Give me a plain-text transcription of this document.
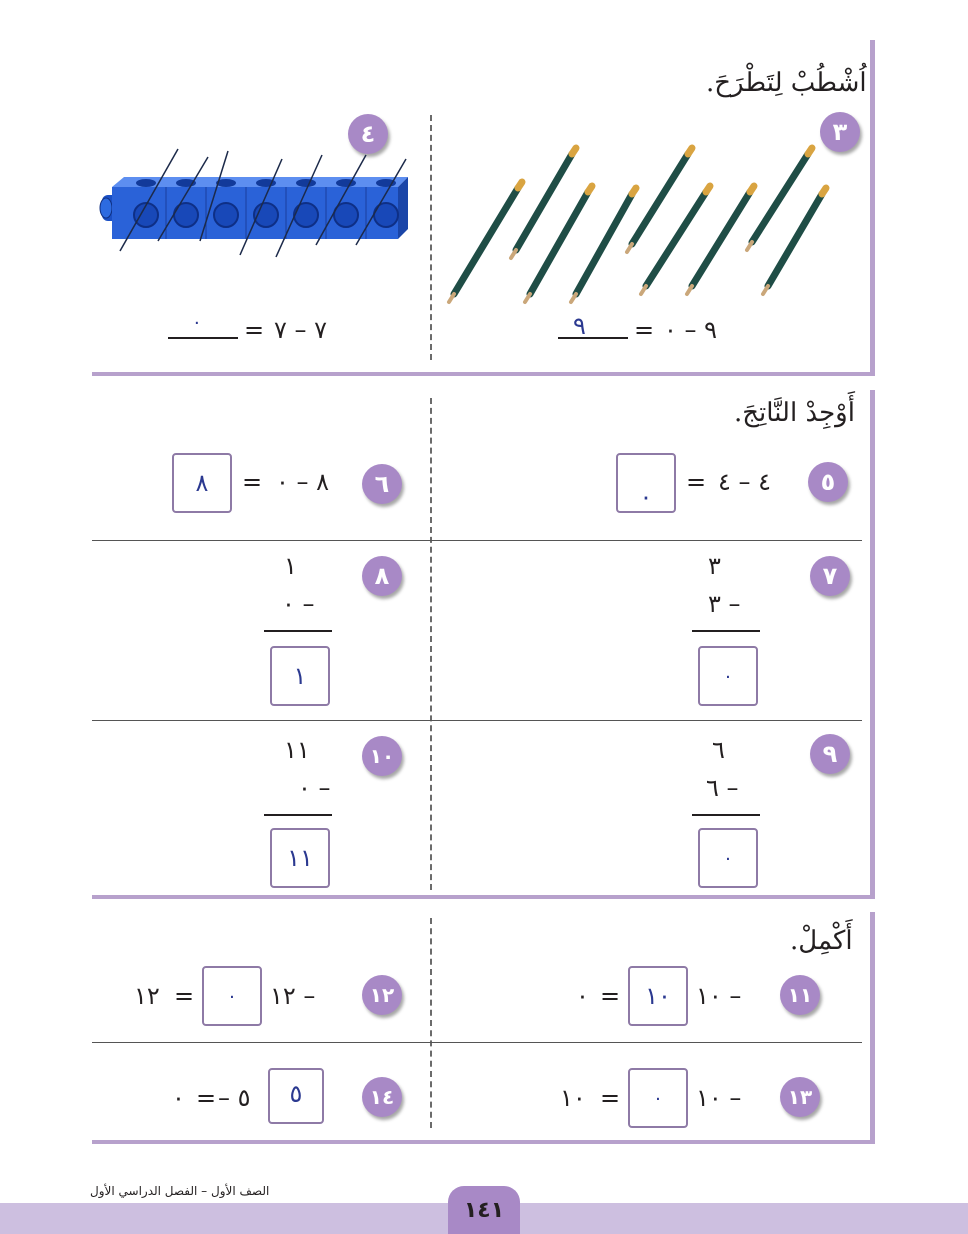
اُشْطُبْ لِتَطْرَحَ.
٣
٩ = ٩ – ٠
٤
٠ = ٧ – ٧
أَوْجِدْ النَّاتِجَ.
٥
٤ – ٤
=
٠
٦
٨ – ٠
=
٨
٧
٣
٣ –
٠
٨
١
٠ –
١
٩
٦
٦ –
٠
١٠
١١
٠ –
١١
أَكْمِلْ.
١١
١٠ –
١٠
=
٠
١٢
١٢ –
٠
=
١٢
١٣
١٠ –
٠
=
١٠
١٤
٥
– ٥
=
٠
١٤١
الصف الأول – الفصل الدراسي الأول
